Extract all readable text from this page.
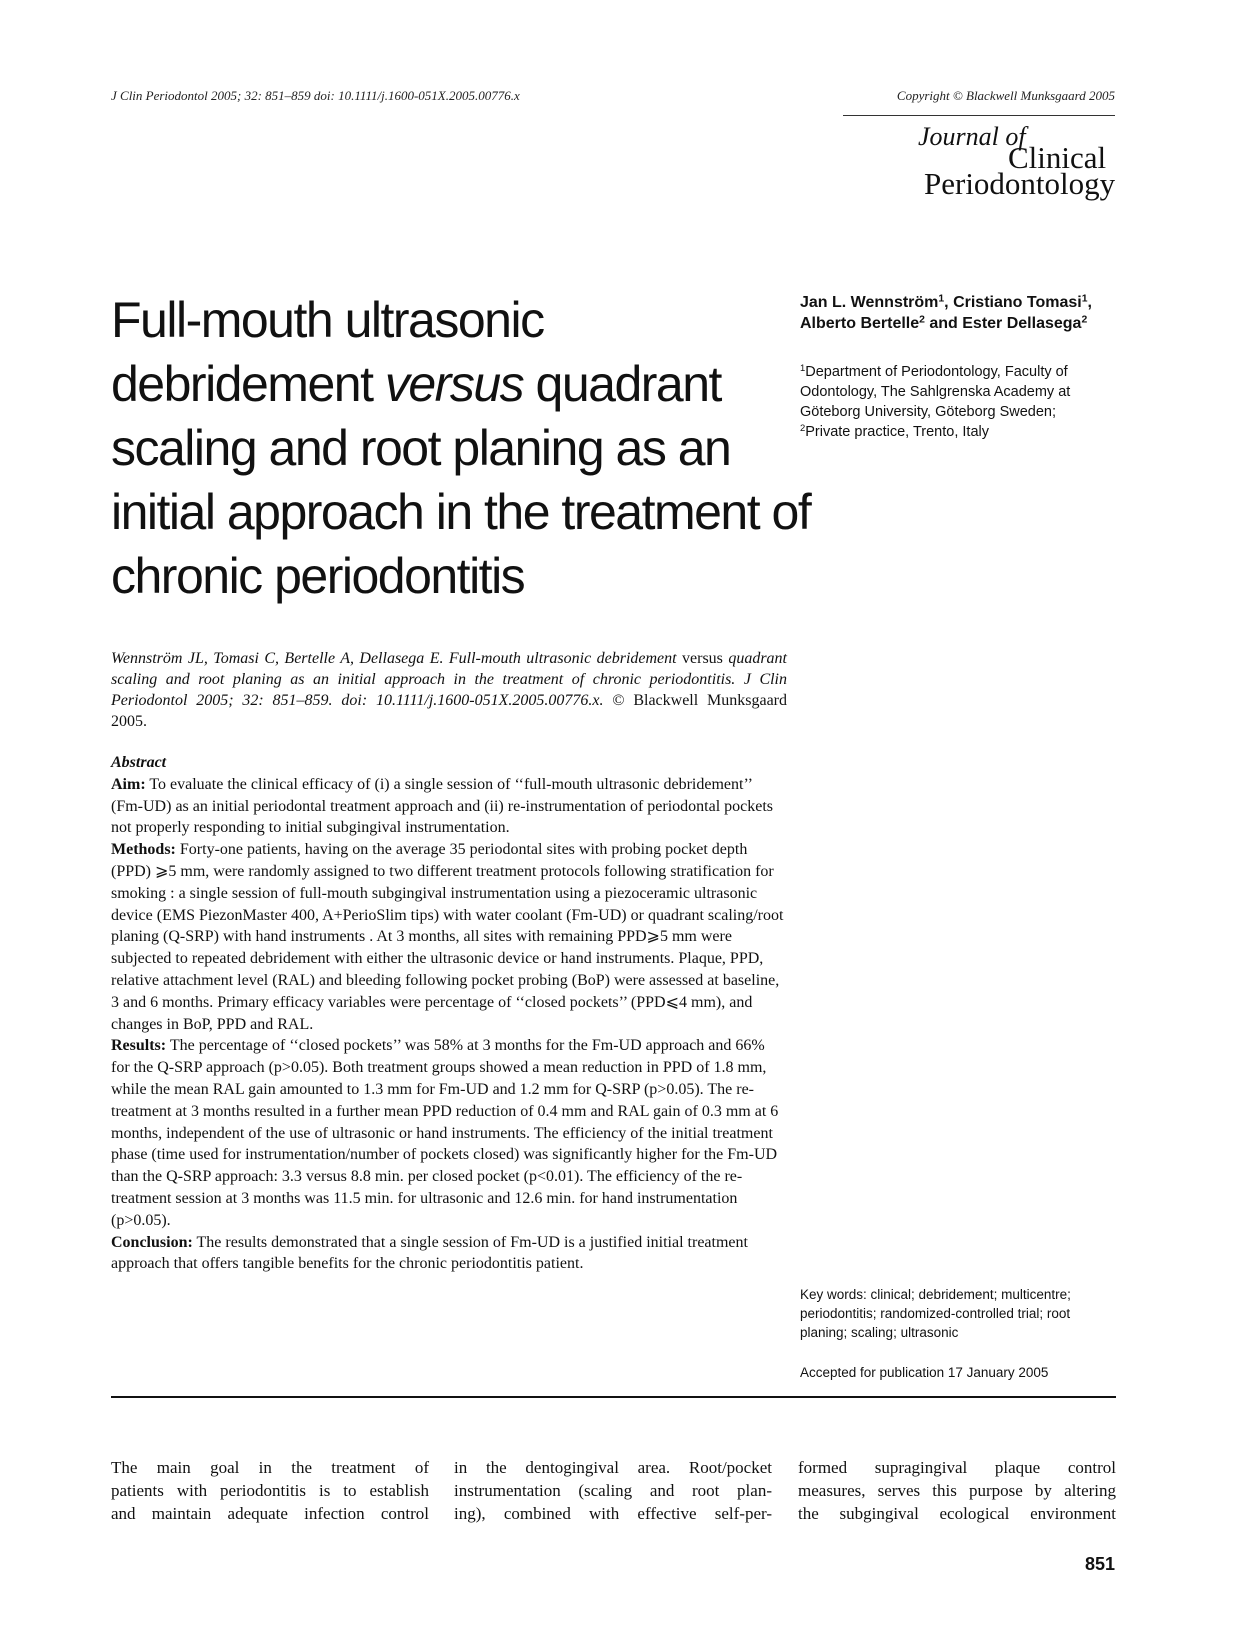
J Clin Periodontol 2005; 32: 851–859 doi: 10.1111/j.1600-051X.2005.00776.x	Copyright © Blackwell Munksgaard 2005
Journal of
Clinical
Periodontology
Full-mouth ultrasonic
debridement versus quadrant
scaling and root planing as an
initial approach in the treatment of
chronic periodontitis
Jan L. Wennström$^1$, Cristiano Tomasi$^1$, Alberto Bertelle$^2$ and Ester Dellasega$^2$
$^1$Department of Periodontology, Faculty of Odontology, The Sahlgrenska Academy at Göteborg University, Göteborg Sweden;
$^2$Private practice, Trento, Italy
Wennström JL, Tomasi C, Bertelle A, Dellasega E. Full-mouth ultrasonic debridement versus quadrant scaling and root planing as an initial approach in the treatment of chronic periodontitis. J Clin Periodontol 2005; 32: 851–859. doi: 10.1111/j.1600-051X.2005.00776.x. © Blackwell Munksgaard 2005.

Abstract

Aim: To evaluate the clinical efficacy of (i) a single session of ‘‘full-mouth ultrasonic debridement’’ (Fm-UD) as an initial periodontal treatment approach and (ii) re-instrumentation of periodontal pockets not properly responding to initial subgingival instrumentation.

Methods: Forty-one patients, having on the average 35 periodontal sites with probing pocket depth (PPD) ⩾5 mm, were randomly assigned to two different treatment protocols following stratification for smoking : a single session of full-mouth subgingival instrumentation using a piezoceramic ultrasonic device (EMS PiezonMaster 400, A+PerioSlim tips) with water coolant (Fm-UD) or quadrant scaling/root planing (Q-SRP) with hand instruments . At 3 months, all sites with remaining PPD⩾5 mm were subjected to repeated debridement with either the ultrasonic device or hand instruments. Plaque, PPD, relative attachment level (RAL) and bleeding following pocket probing (BoP) were assessed at baseline, 3 and 6 months. Primary efficacy variables were percentage of ‘‘closed pockets’’ (PPD⩽4 mm), and changes in BoP, PPD and RAL.

Results: The percentage of ‘‘closed pockets’’ was 58% at 3 months for the Fm-UD approach and 66% for the Q-SRP approach (p>0.05). Both treatment groups showed a mean reduction in PPD of 1.8 mm, while the mean RAL gain amounted to 1.3 mm for Fm-UD and 1.2 mm for Q-SRP (p>0.05). The re-treatment at 3 months resulted in a further mean PPD reduction of 0.4 mm and RAL gain of 0.3 mm at 6 months, independent of the use of ultrasonic or hand instruments. The efficiency of the initial treatment phase (time used for instrumentation/number of pockets closed) was significantly higher for the Fm-UD than the Q-SRP approach: 3.3 versus 8.8 min. per closed pocket (p<0.01). The efficiency of the re-treatment session at 3 months was 11.5 min. for ultrasonic and 12.6 min. for hand instrumentation (p>0.05).

Conclusion: The results demonstrated that a single session of Fm-UD is a justified initial treatment approach that offers tangible benefits for the chronic periodontitis patient.

Key words: clinical; debridement; multicentre; periodontitis; randomized-controlled trial; root planing; scaling; ultrasonic
Accepted for publication 17 January 2005
The main goal in the treatment of
patients with periodontitis is to establish
and maintain adequate infection control
in the dentogingival area. Root/pocket
instrumentation (scaling and root plan-
ing), combined with effective self-per-
formed supragingival plaque control
measures, serves this purpose by altering
the subgingival ecological environment
851
